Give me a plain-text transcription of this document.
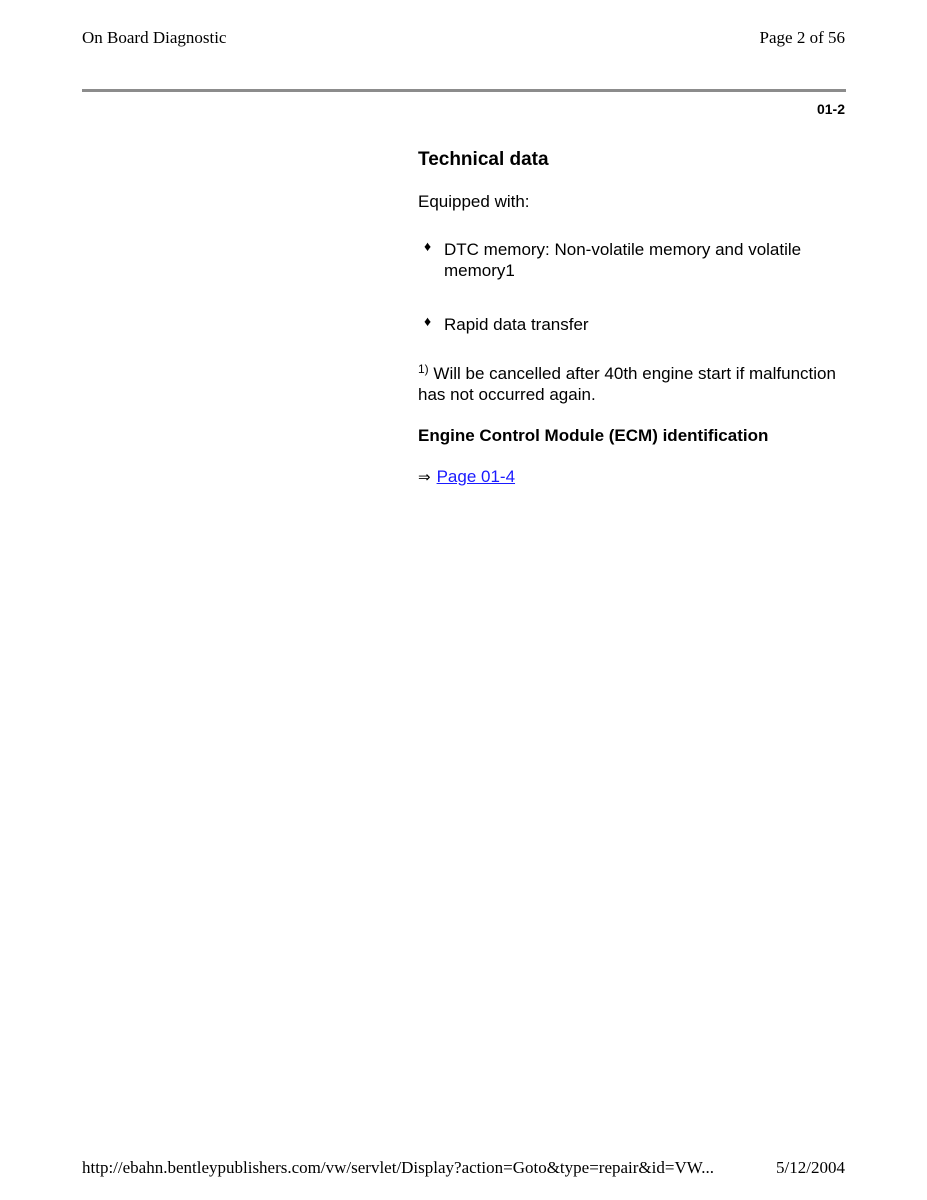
On Board Diagnostic	Page 2 of 56
01-2
Technical data
Equipped with:
♦ DTC memory: Non-volatile memory and volatile memory1
♦ Rapid data transfer
$^{1)}$ Will be cancelled after 40th engine start if malfunction has not occurred again.
Engine Control Module (ECM) identification
⇒ Page 01-4
http://ebahn.bentleypublishers.com/vw/servlet/Display?action=Goto&type=repair&id=VW...	5/12/2004
